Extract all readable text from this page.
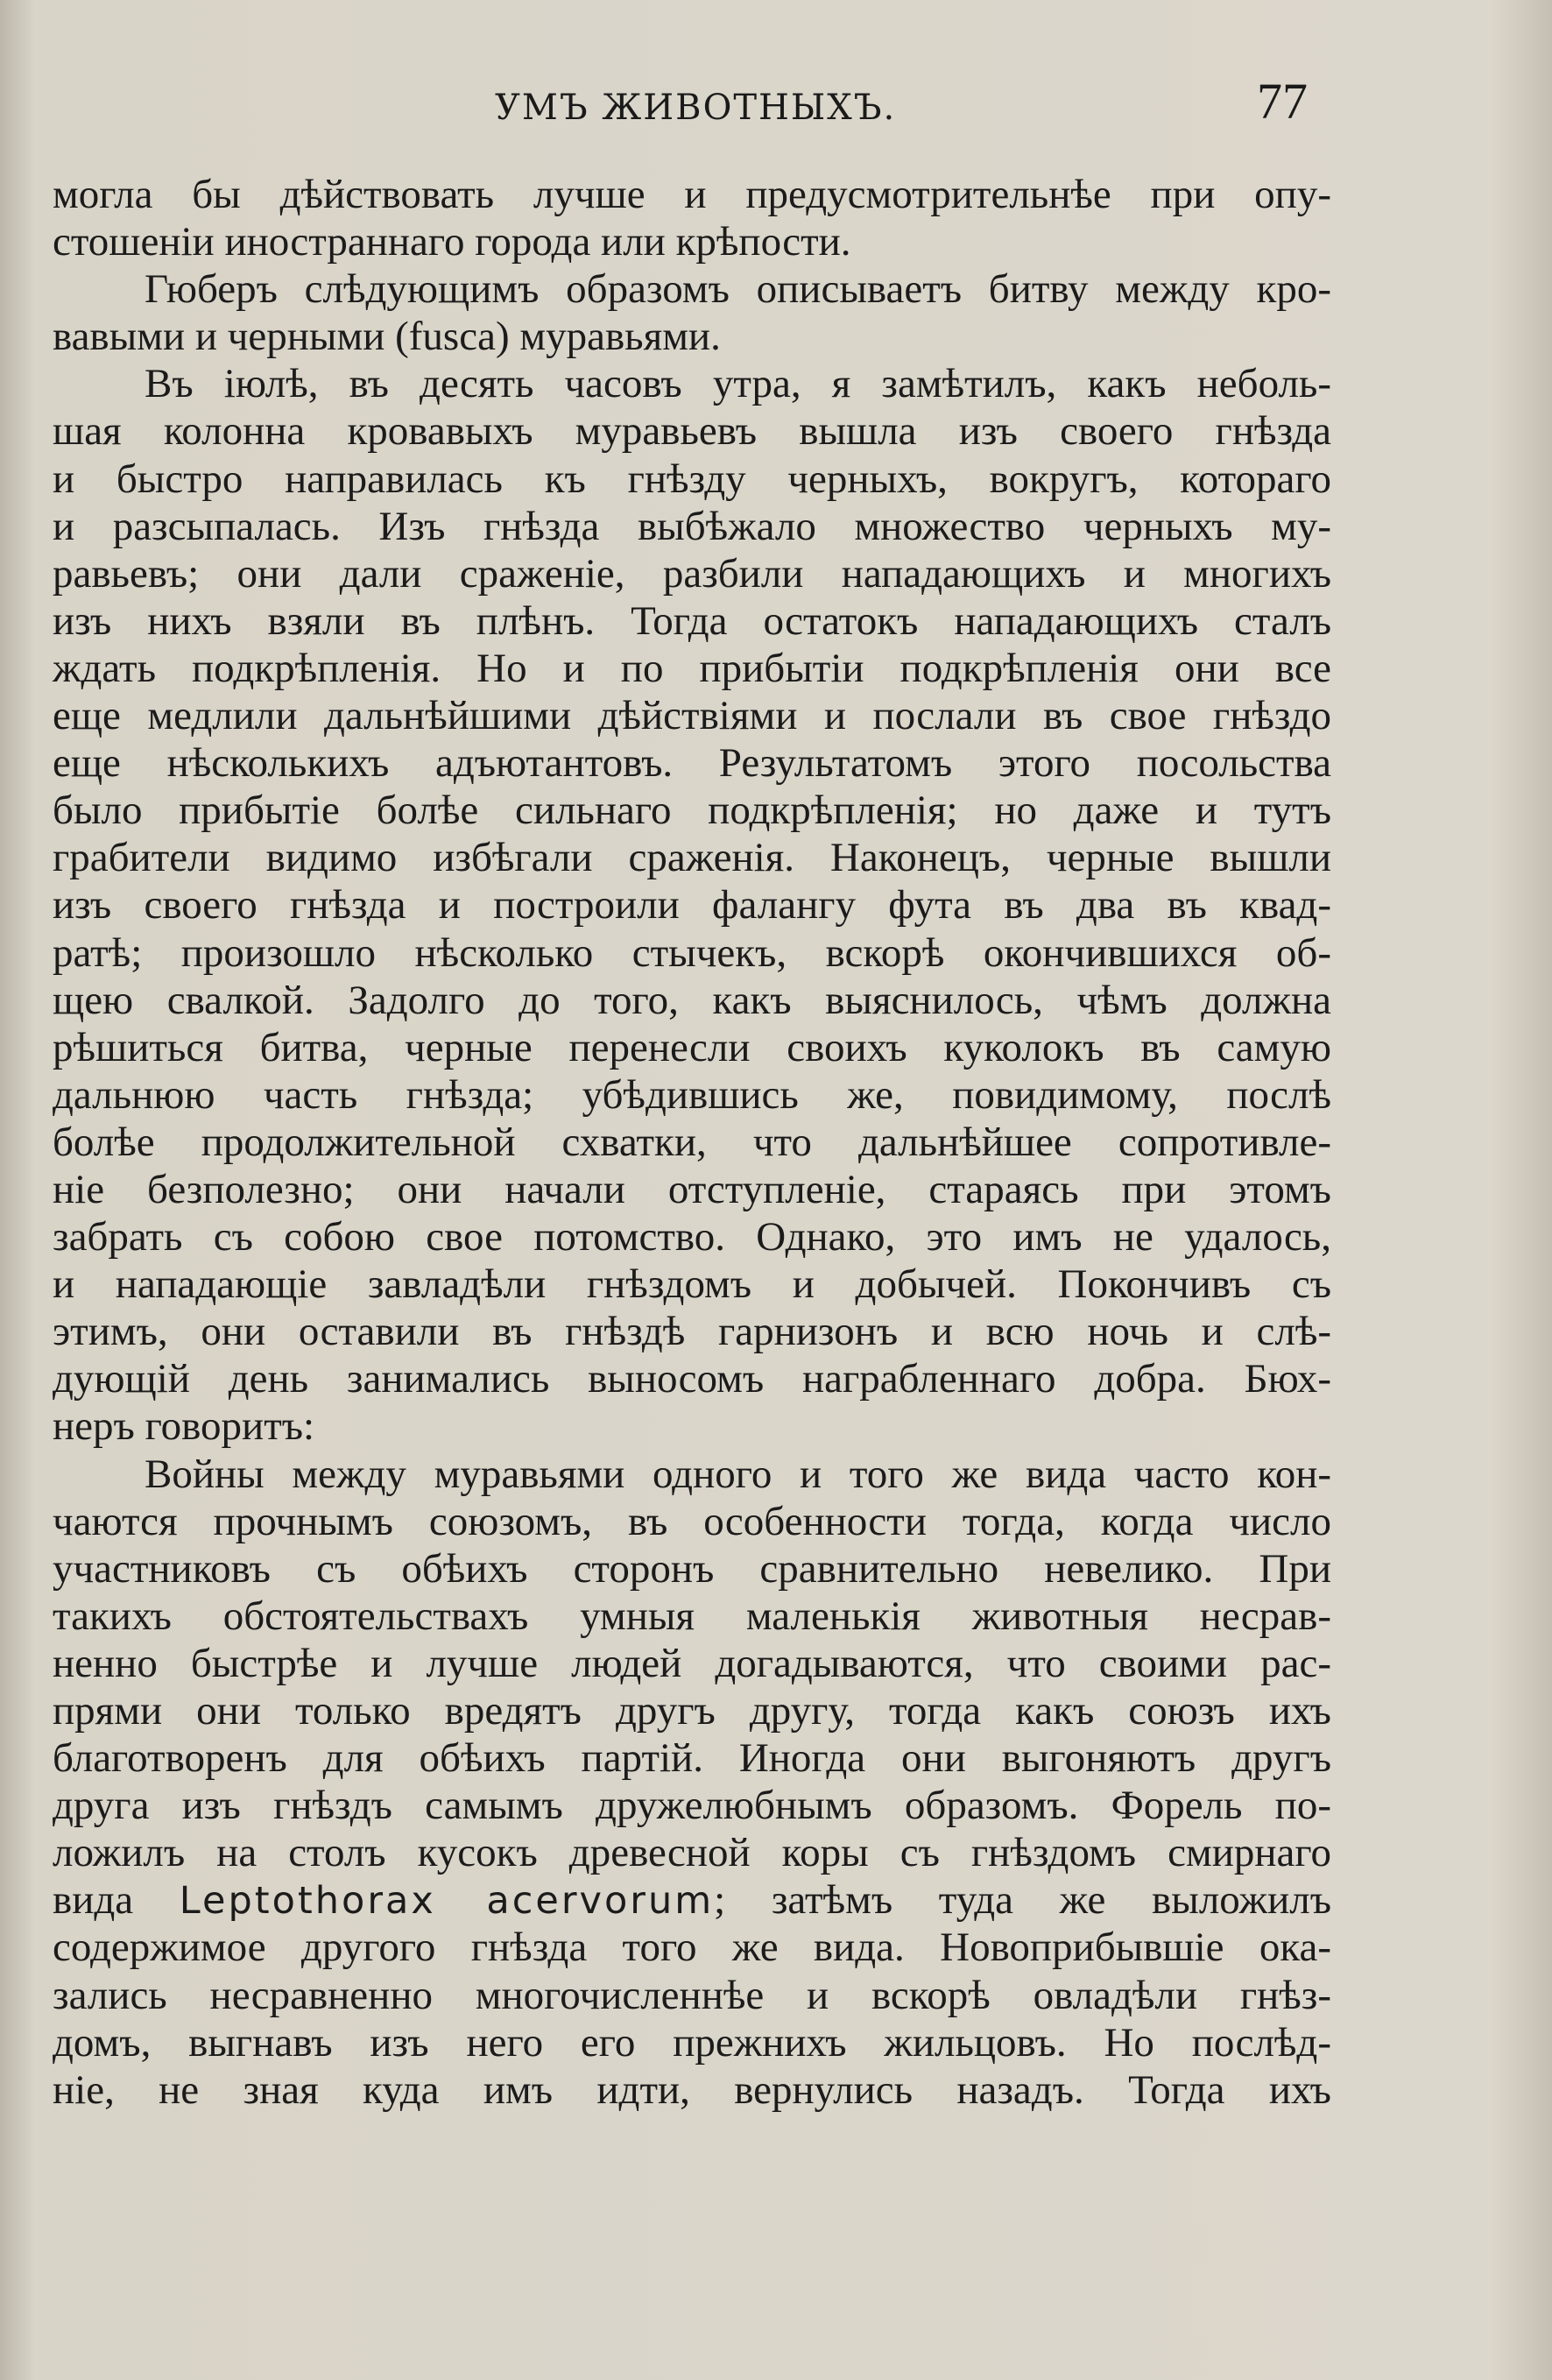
УМЪ ЖИВОТНЫХЪ.	77
могла бы дѣйствовать лучше и предусмотрительнѣе при опу-
стошеніи иностраннаго города или крѣпости.
Гюберъ слѣдующимъ образомъ описываетъ битву между кро-
вавыми и черными (fusca) муравьями.
Въ іюлѣ, въ десять часовъ утра, я замѣтилъ, какъ неболь-
шая колонна кровавыхъ муравьевъ вышла изъ своего гнѣзда
и быстро направилась къ гнѣзду черныхъ, вокругъ, котораго
и разсыпалась. Изъ гнѣзда выбѣжало множество черныхъ му-
равьевъ; они дали сраженіе, разбили нападающихъ и многихъ
изъ нихъ взяли въ плѣнъ. Тогда остатокъ нападающихъ сталъ
ждать подкрѣпленія. Но и по прибытіи подкрѣпленія они все
еще медлили дальнѣйшими дѣйствіями и послали въ свое гнѣздо
еще нѣсколькихъ адъютантовъ. Результатомъ этого посольства
было прибытіе болѣе сильнаго подкрѣпленія; но даже и тутъ
грабители видимо избѣгали сраженія. Наконецъ, черные вышли
изъ своего гнѣзда и построили фалангу фута въ два въ квад-
ратѣ; произошло нѣсколько стычекъ, вскорѣ окончившихся об-
щею свалкой. Задолго до того, какъ выяснилось, чѣмъ должна
рѣшиться битва, черные перенесли своихъ куколокъ въ самую
дальнюю часть гнѣзда; убѣдившись же, повидимому, послѣ
болѣе продолжительной схватки, что дальнѣйшее сопротивле-
ніе безполезно; они начали отступленіе, стараясь при этомъ
забрать съ собою свое потомство. Однако, это имъ не удалось,
и нападающіе завладѣли гнѣздомъ и добычей. Покончивъ съ
этимъ, они оставили въ гнѣздѣ гарнизонъ и всю ночь и слѣ-
дующій день занимались выносомъ награбленнаго добра. Бюх-
неръ говоритъ:
Войны между муравьями одного и того же вида часто кон-
чаются прочнымъ союзомъ, въ особенности тогда, когда число
участниковъ съ обѣихъ сторонъ сравнительно невелико. При
такихъ обстоятельствахъ умныя маленькія животныя несрав-
ненно быстрѣе и лучше людей догадываются, что своими рас-
прями они только вредятъ другъ другу, тогда какъ союзъ ихъ
благотворенъ для обѣихъ партій. Иногда они выгоняютъ другъ
друга изъ гнѣздъ самымъ дружелюбнымъ образомъ. Форель по-
ложилъ на столъ кусокъ древесной коры съ гнѣздомъ смирнаго
вида Leptothorax acervorum; затѣмъ туда же выложилъ
содержимое другого гнѣзда того же вида. Новоприбывшіе ока-
зались несравненно многочисленнѣе и вскорѣ овладѣли гнѣз-
домъ, выгнавъ изъ него его прежнихъ жильцовъ. Но послѣд-
ніе, не зная куда имъ идти, вернулись назадъ. Тогда ихъ
